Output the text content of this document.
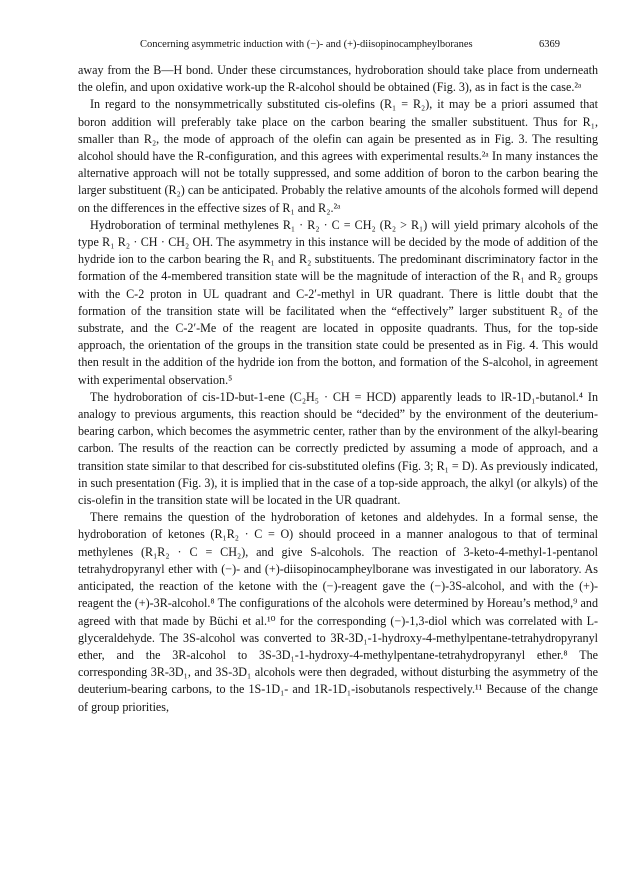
Concerning asymmetric induction with (−)- and (+)-diisopinocampheylboranes	6369

away from the B—H bond. Under these circumstances, hydroboration should take place from underneath the olefin, and upon oxidative work-up the R-alcohol should be obtained (Fig. 3), as in fact is the case.²ᵃ

In regard to the nonsymmetrically substituted cis-olefins (R₁ = R₂), it may be a priori assumed that boron addition will preferably take place on the carbon bearing the smaller substituent. Thus for R₁, smaller than R₂, the mode of approach of the olefin can again be presented as in Fig. 3. The resulting alcohol should have the R-configuration, and this agrees with experimental results.²ᵃ In many instances the alternative approach will not be totally suppressed, and some addition of boron to the carbon bearing the larger substituent (R₂) can be anticipated. Probably the relative amounts of the alcohols formed will depend on the differences in the effective sizes of R₁ and R₂.²ᵃ

Hydroboration of terminal methylenes R₁ · R₂ · C = CH₂ (R₂ > R₁) will yield primary alcohols of the type R₁ R₂ · CH · CH₂ OH. The asymmetry in this instance will be decided by the mode of addition of the hydride ion to the carbon bearing the R₁ and R₂ substituents. The predominant discriminatory factor in the formation of the 4-membered transition state will be the magnitude of interaction of the R₁ and R₂ groups with the C-2 proton in UL quadrant and C-2′-methyl in UR quadrant. There is little doubt that the formation of the transition state will be facilitated when the “effectively” larger substituent R₂ of the substrate, and the C-2′-Me of the reagent are located in opposite quadrants. Thus, for the top-side approach, the orientation of the groups in the transition state could be presented as in Fig. 4. This would then result in the addition of the hydride ion from the botton, and formation of the S-alcohol, in agreement with experimental observation.⁵

The hydroboration of cis-1D-but-1-ene (C₂H₅ · CH = HCD) apparently leads to lR-1D₁-butanol.⁴ In analogy to previous arguments, this reaction should be “decided” by the environment of the deuterium-bearing carbon, which becomes the asymmetric center, rather than by the environment of the alkyl-bearing carbon. The results of the reaction can be correctly predicted by assuming a mode of approach, and a transition state similar to that described for cis-substituted olefins (Fig. 3; R₁ = D). As previously indicated, in such presentation (Fig. 3), it is implied that in the case of a top-side approach, the alkyl (or alkyls) of the cis-olefin in the transition state will be located in the UR quadrant.

There remains the question of the hydroboration of ketones and aldehydes. In a formal sense, the hydroboration of ketones (R₁R₂ · C = O) should proceed in a manner analogous to that of terminal methylenes (R₁R₂ · C = CH₂), and give S-alcohols. The reaction of 3-keto-4-methyl-1-pentanol tetrahydropyranyl ether with (−)- and (+)-diisopinocampheylborane was investigated in our laboratory. As anticipated, the reaction of the ketone with the (−)-reagent gave the (−)-3S-alcohol, and with the (+)-reagent the (+)-3R-alcohol.⁸ The configurations of the alcohols were determined by Horeau’s method,⁹ and agreed with that made by Büchi et al.¹⁰ for the corresponding (−)-1,3-diol which was correlated with L-glyceraldehyde. The 3S-alcohol was converted to 3R-3D₁-1-hydroxy-4-methylpentane-tetrahydropyranyl ether, and the 3R-alcohol to 3S-3D₁-1-hydroxy-4-methylpentane-tetrahydropyranyl ether.⁸ The corresponding 3R-3D₁, and 3S-3D₁ alcohols were then degraded, without disturbing the asymmetry of the deuterium-bearing carbons, to the 1S-1D₁- and 1R-1D₁-isobutanols respectively.¹¹ Because of the change of group priorities,
